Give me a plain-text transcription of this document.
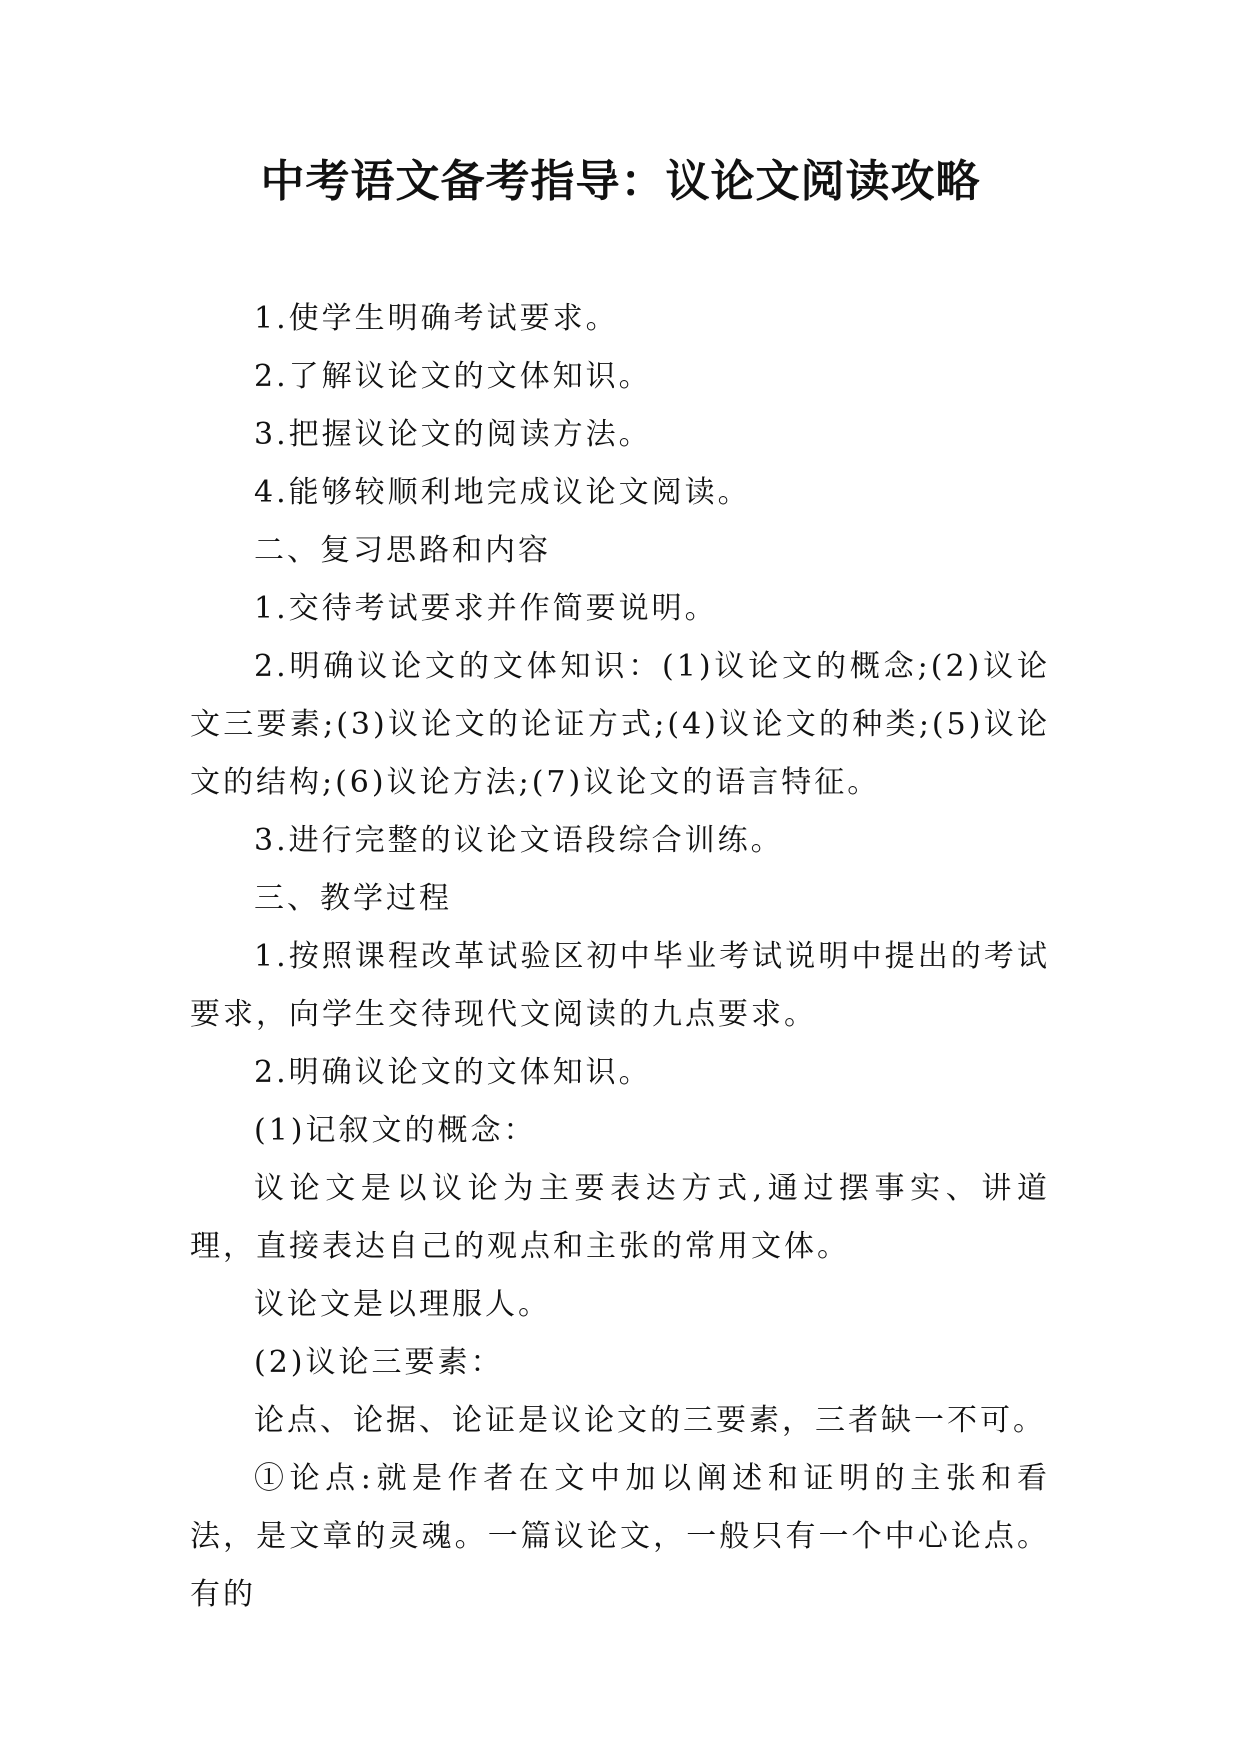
中考语文备考指导：议论文阅读攻略

1.使学生明确考试要求。

2.了解议论文的文体知识。

3.把握议论文的阅读方法。

4.能够较顺利地完成议论文阅读。

二、复习思路和内容

1.交待考试要求并作简要说明。

2.明确议论文的文体知识：(1)议论文的概念;(2)议论文三要素;(3)议论文的论证方式;(4)议论文的种类;(5)议论文的结构;(6)议论方法;(7)议论文的语言特征。

3.进行完整的议论文语段综合训练。

三、教学过程

1.按照课程改革试验区初中毕业考试说明中提出的考试要求，向学生交待现代文阅读的九点要求。

2.明确议论文的文体知识。

(1)记叙文的概念：

议论文是以议论为主要表达方式,通过摆事实、讲道理，直接表达自己的观点和主张的常用文体。

议论文是以理服人。

(2)议论三要素：

论点、论据、论证是议论文的三要素，三者缺一不可。

①论点:就是作者在文中加以阐述和证明的主张和看法，是文章的灵魂。一篇议论文，一般只有一个中心论点。有的
